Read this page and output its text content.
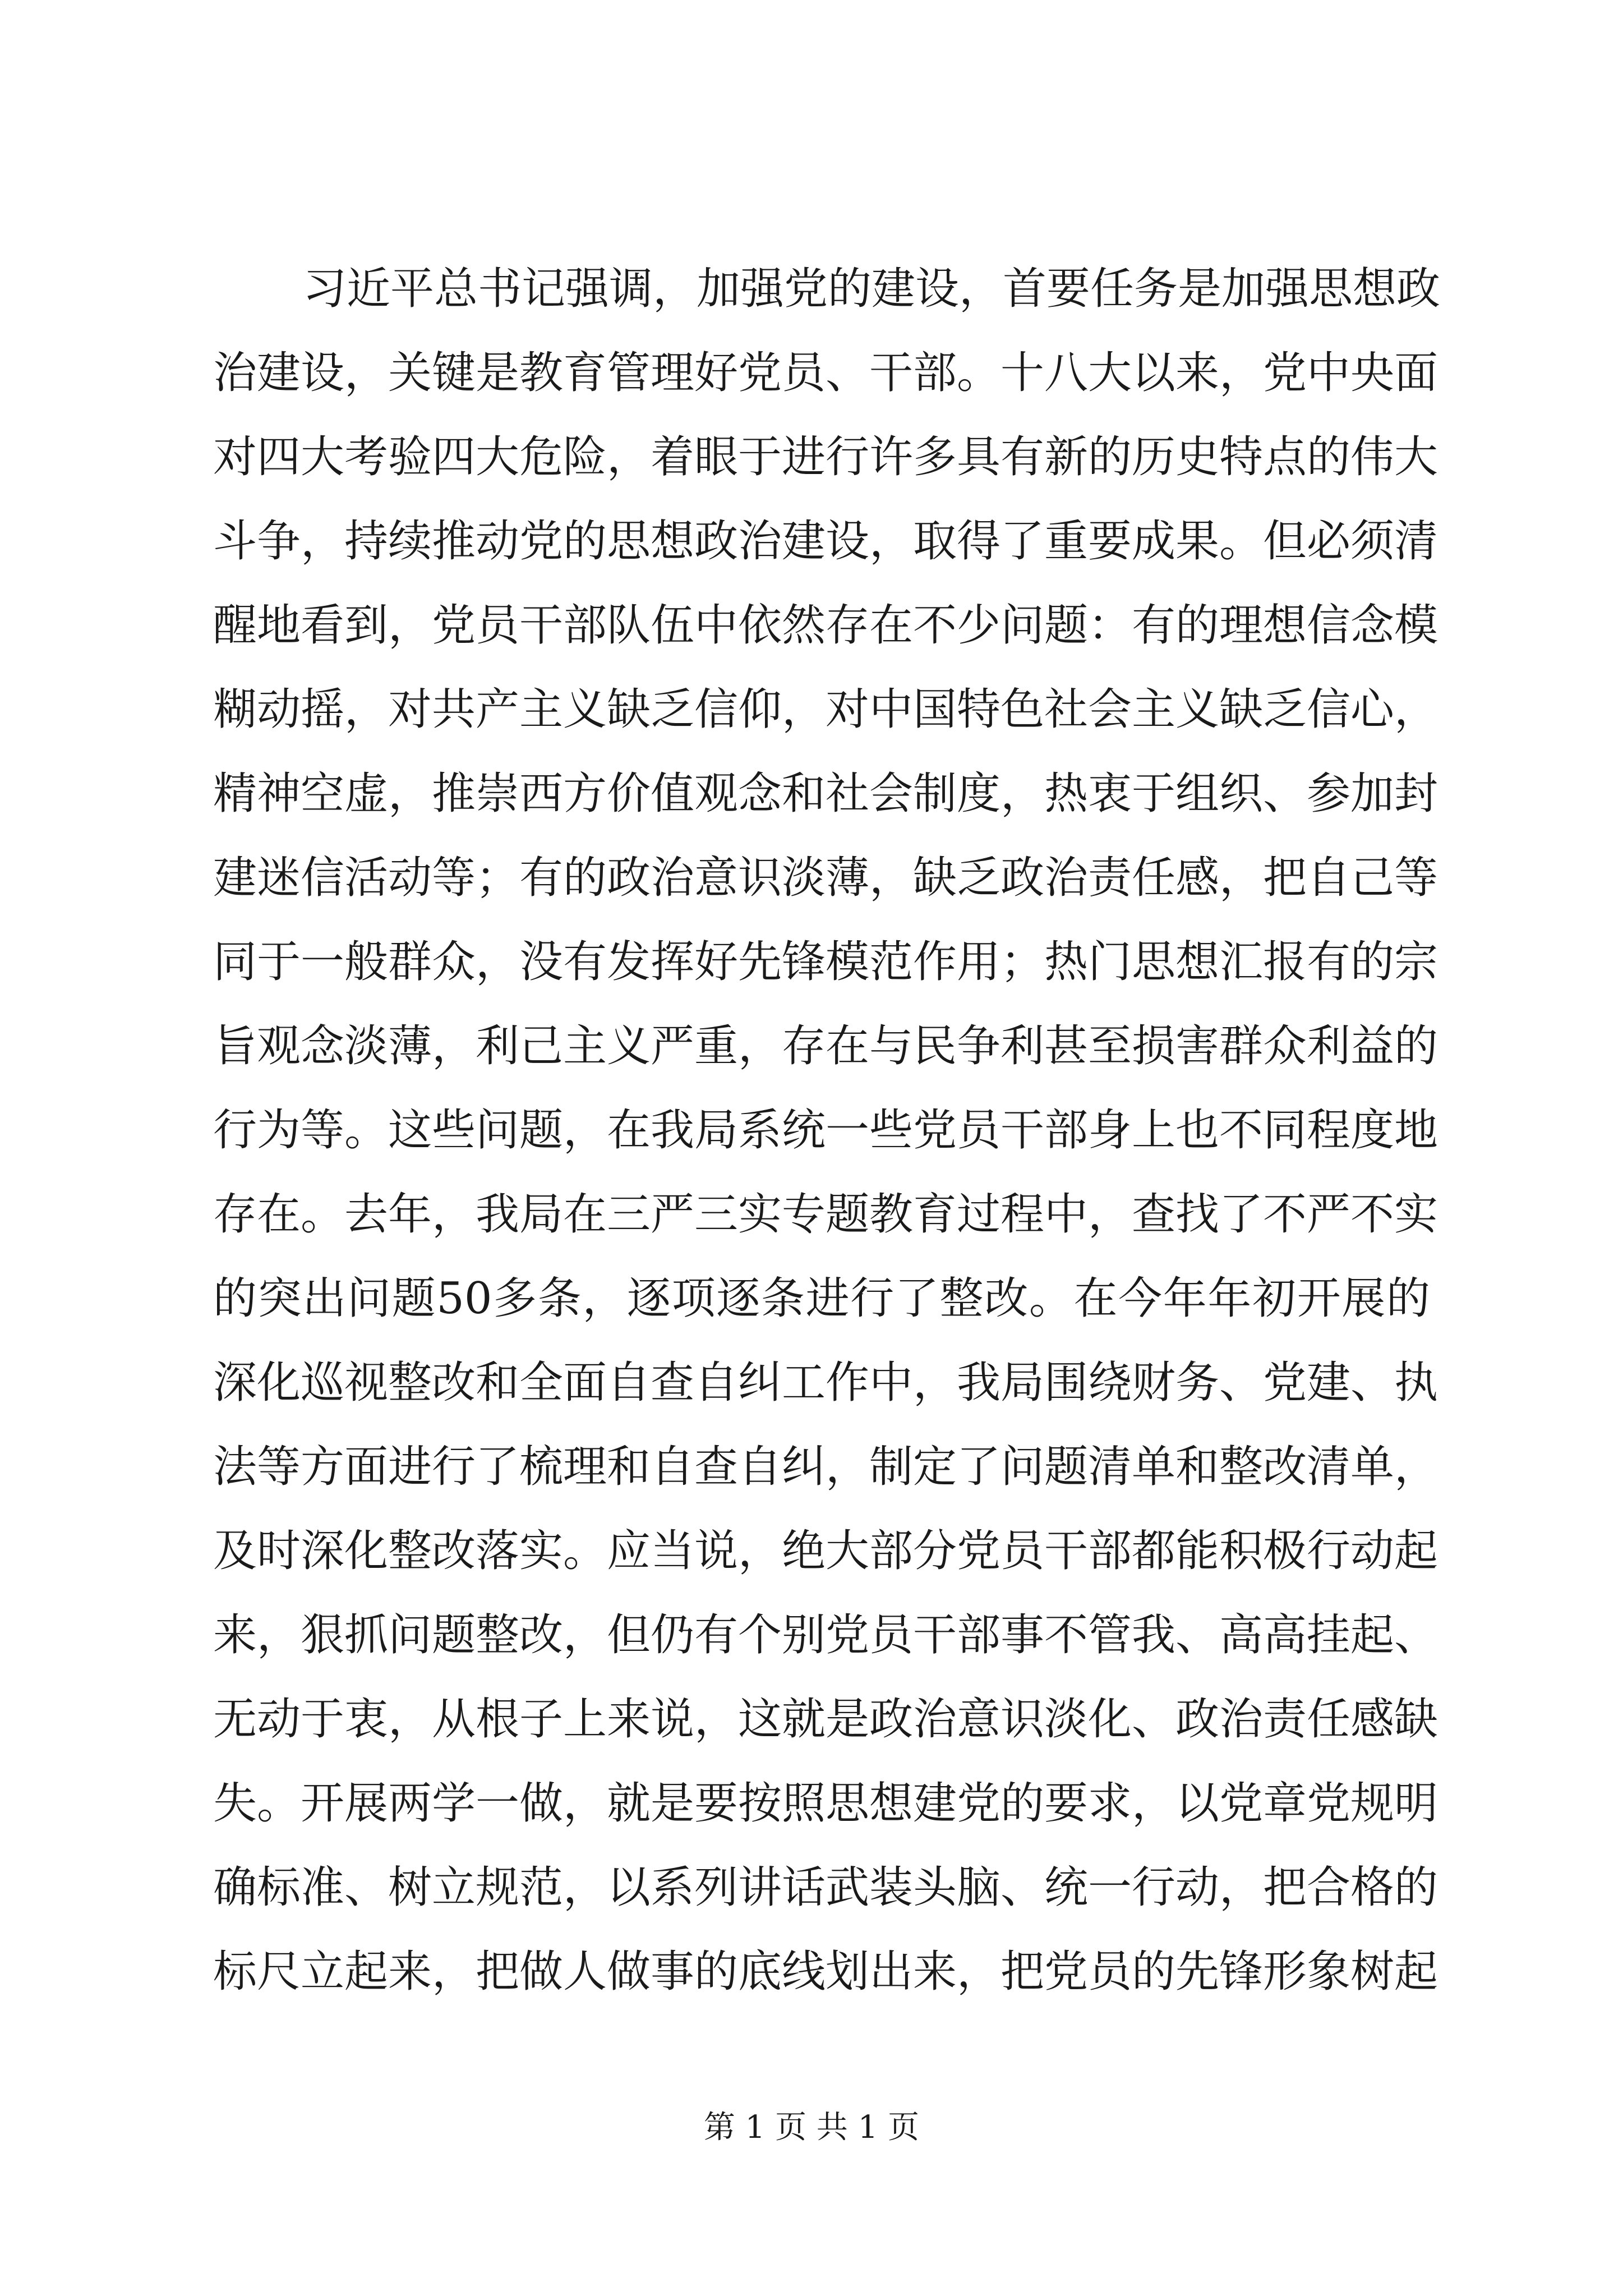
习近平总书记强调，加强党的建设，首要任务是加强思想政
治建设，关键是教育管理好党员、干部。十八大以来，党中央面
对四大考验四大危险，着眼于进行许多具有新的历史特点的伟大
斗争，持续推动党的思想政治建设，取得了重要成果。但必须清
醒地看到，党员干部队伍中依然存在不少问题：有的理想信念模
糊动摇，对共产主义缺乏信仰，对中国特色社会主义缺乏信心，
精神空虚，推崇西方价值观念和社会制度，热衷于组织、参加封
建迷信活动等；有的政治意识淡薄，缺乏政治责任感，把自己等
同于一般群众，没有发挥好先锋模范作用；热门思想汇报有的宗
旨观念淡薄，利己主义严重，存在与民争利甚至损害群众利益的
行为等。这些问题，在我局系统一些党员干部身上也不同程度地
存在。去年，我局在三严三实专题教育过程中，查找了不严不实
的突出问题50多条，逐项逐条进行了整改。在今年年初开展的
深化巡视整改和全面自查自纠工作中，我局围绕财务、党建、执
法等方面进行了梳理和自查自纠，制定了问题清单和整改清单，
及时深化整改落实。应当说，绝大部分党员干部都能积极行动起
来，狠抓问题整改，但仍有个别党员干部事不管我、高高挂起、
无动于衷，从根子上来说，这就是政治意识淡化、政治责任感缺
失。开展两学一做，就是要按照思想建党的要求，以党章党规明
确标准、树立规范，以系列讲话武装头脑、统一行动，把合格的
标尺立起来，把做人做事的底线划出来，把党员的先锋形象树起
第 1 页 共 1 页
